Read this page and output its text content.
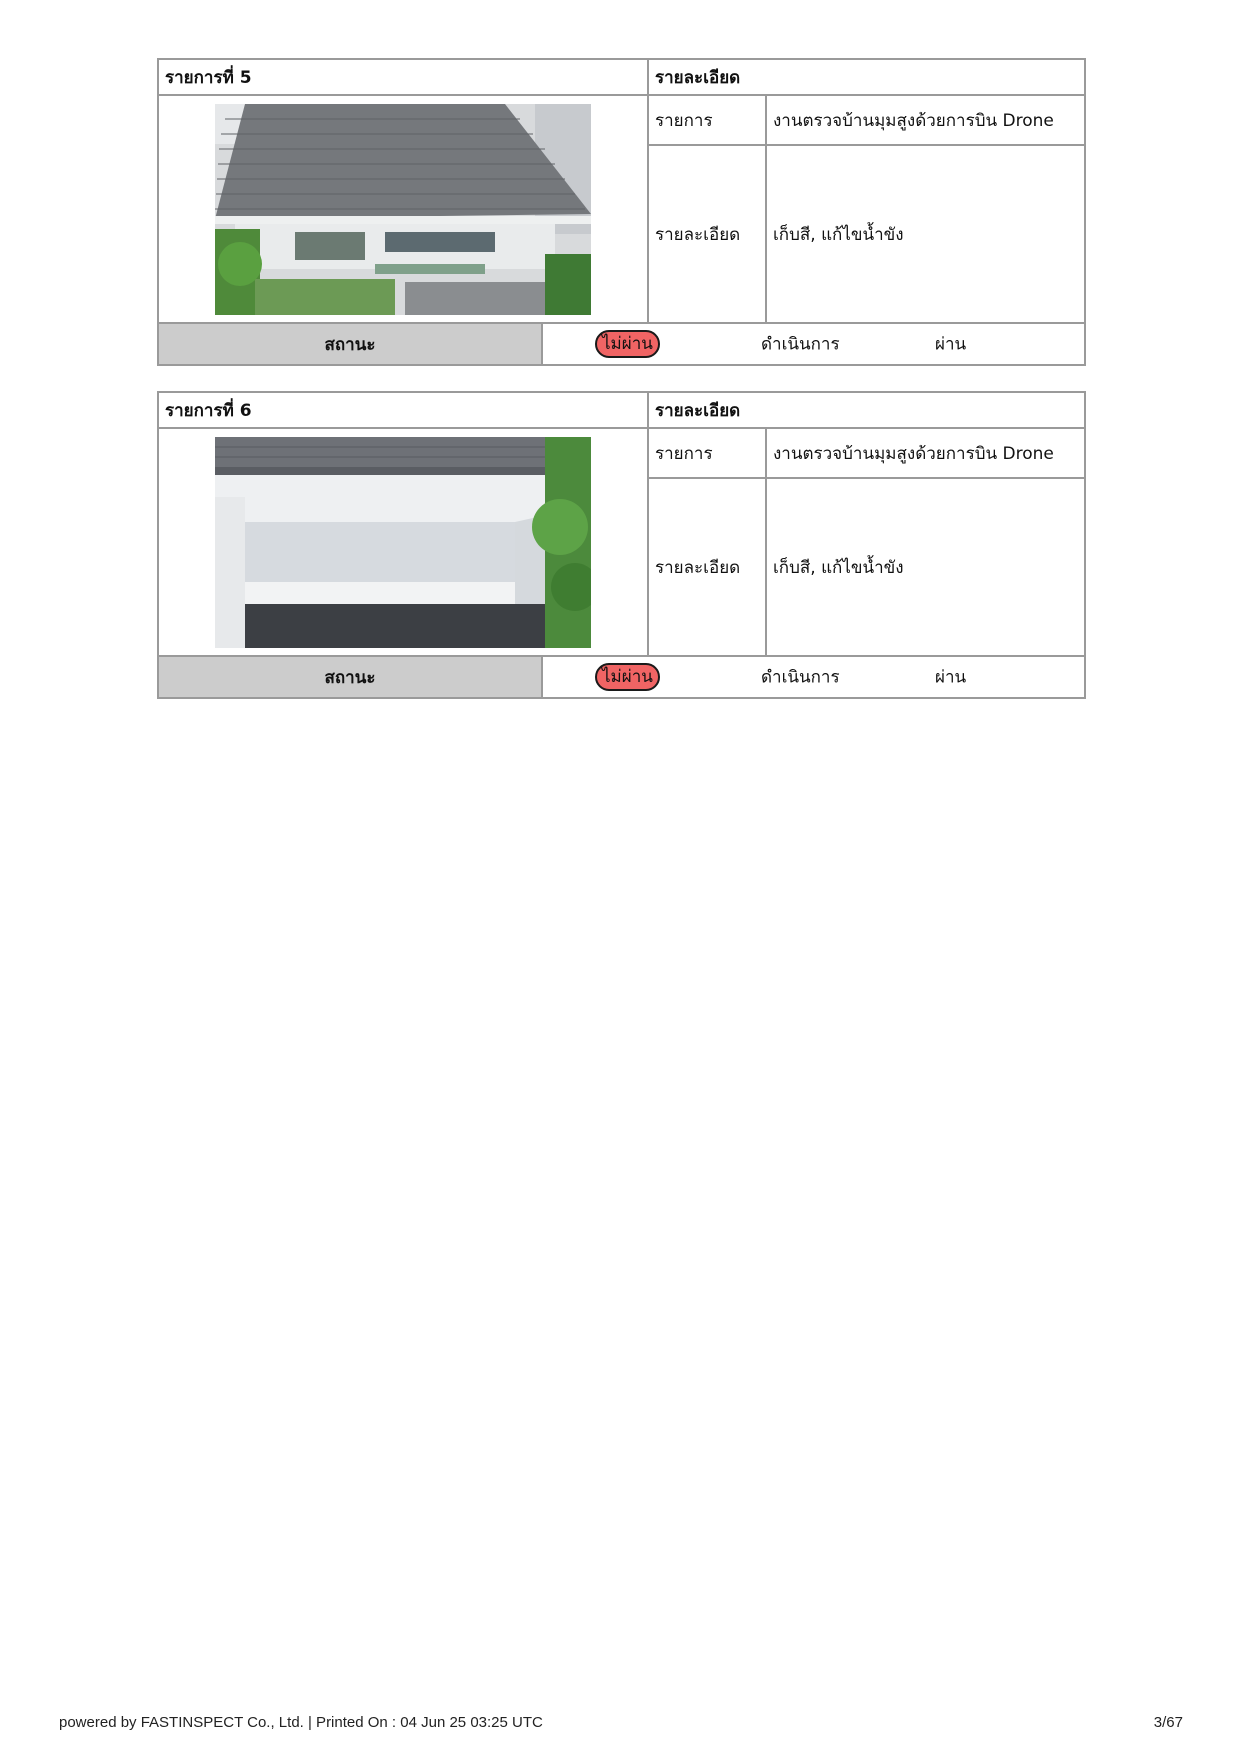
รายการที่ 5		รายละเอียด	

	รายการ	งานตรวจบ้านมุมสูงด้วยการบิน Drone
		รายละเอียด	เก็บสี, แก้ไขน้ำขัง
สถานะ	ไม่ผ่าน ดำเนินการ ผ่าน		
รายการที่ 6		รายละเอียด	

	รายการ	งานตรวจบ้านมุมสูงด้วยการบิน Drone
		รายละเอียด	เก็บสี, แก้ไขน้ำขัง
สถานะ	ไม่ผ่าน ดำเนินการ ผ่าน		
powered by FASTINSPECT Co., Ltd. | Printed On : 04 Jun 25 03:25 UTC	3/67
